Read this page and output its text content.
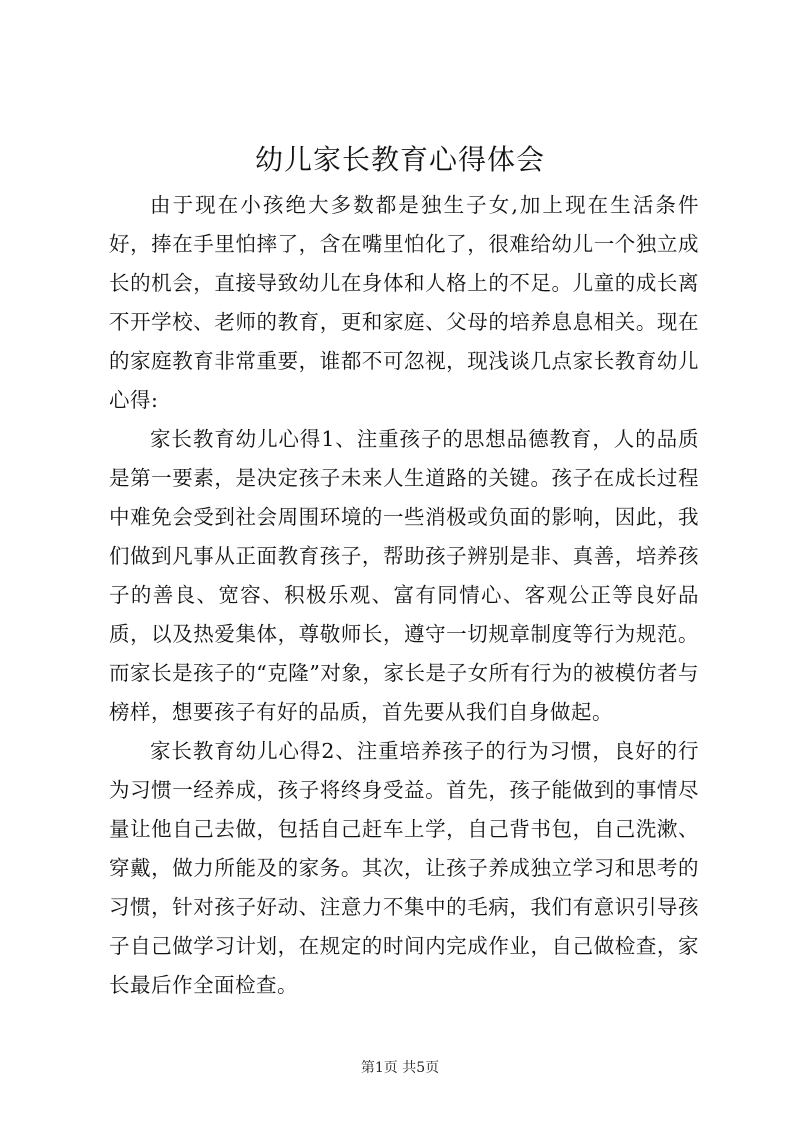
幼儿家长教育心得体会

由于现在小孩绝大多数都是独生子女,加上现在生活条件好，捧在手里怕摔了，含在嘴里怕化了，很难给幼儿一个独立成长的机会，直接导致幼儿在身体和人格上的不足。儿童的成长离不开学校、老师的教育，更和家庭、父母的培养息息相关。现在的家庭教育非常重要，谁都不可忽视，现浅谈几点家长教育幼儿心得:

家长教育幼儿心得1、注重孩子的思想品德教育，人的品质是第一要素，是决定孩子未来人生道路的关键。孩子在成长过程中难免会受到社会周围环境的一些消极或负面的影响，因此，我们做到凡事从正面教育孩子，帮助孩子辨别是非、真善，培养孩子的善良、宽容、积极乐观、富有同情心、客观公正等良好品质，以及热爱集体，尊敬师长，遵守一切规章制度等行为规范。而家长是孩子的“克隆”对象，家长是子女所有行为的被模仿者与榜样，想要孩子有好的品质，首先要从我们自身做起。

家长教育幼儿心得2、注重培养孩子的行为习惯，良好的行为习惯一经养成，孩子将终身受益。首先，孩子能做到的事情尽量让他自己去做，包括自己赶车上学，自己背书包，自己洗漱、穿戴，做力所能及的家务。其次，让孩子养成独立学习和思考的习惯，针对孩子好动、注意力不集中的毛病，我们有意识引导孩子自己做学习计划，在规定的时间内完成作业，自己做检查，家长最后作全面检查。

第1页 共5页
